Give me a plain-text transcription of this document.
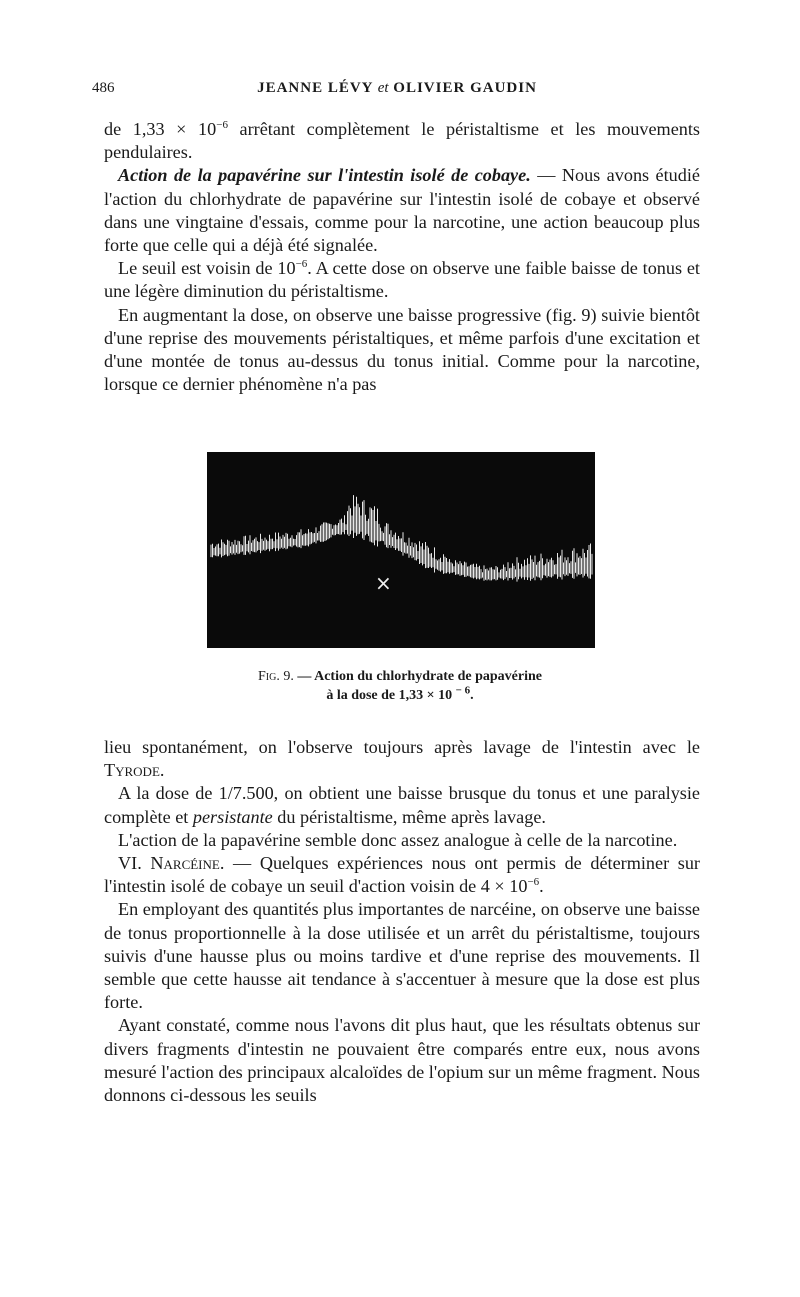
486	JEANNE LÉVY et OLIVIER GAUDIN

de $1,33 \times 10^{-6}$ arrêtant complètement le péristaltisme et les mouvements pendulaires.

Action de la papavérine sur l'intestin isolé de cobaye. — Nous avons étudié l'action du chlorhydrate de papavérine sur l'intestin isolé de cobaye et observé dans une vingtaine d'essais, comme pour la narcotine, une action beaucoup plus forte que celle qui a déjà été signalée.

Le seuil est voisin de $10^{-6}$. A cette dose on observe une faible baisse de tonus et une légère diminution du péristaltisme.

En augmentant la dose, on observe une baisse progressive (fig. 9) suivie bientôt d'une reprise des mouvements péristaltiques, et même parfois d'une excitation et d'une montée de tonus au-dessus du tonus initial. Comme pour la narcotine, lorsque ce dernier phénomène n'a pas

×
Fig. 9. — Action du chlorhydrate de papavérine
à la dose de 1,33 × 10 $^{- 6}$.

lieu spontanément, on l'observe toujours après lavage de l'intestin avec le Tyrode.

A la dose de 1/7.500, on obtient une baisse brusque du tonus et une paralysie complète et persistante du péristaltisme, même après lavage.

L'action de la papavérine semble donc assez analogue à celle de la narcotine.

VI. Narcéine. — Quelques expériences nous ont permis de déterminer sur l'intestin isolé de cobaye un seuil d'action voisin de $4 \times 10^{-6}$.

En employant des quantités plus importantes de narcéine, on observe une baisse de tonus proportionnelle à la dose utilisée et un arrêt du péristaltisme, toujours suivis d'une hausse plus ou moins tardive et d'une reprise des mouvements. Il semble que cette hausse ait tendance à s'accentuer à mesure que la dose est plus forte.

Ayant constaté, comme nous l'avons dit plus haut, que les résultats obtenus sur divers fragments d'intestin ne pouvaient être comparés entre eux, nous avons mesuré l'action des principaux alcaloïdes de l'opium sur un même fragment. Nous donnons ci-dessous les seuils
